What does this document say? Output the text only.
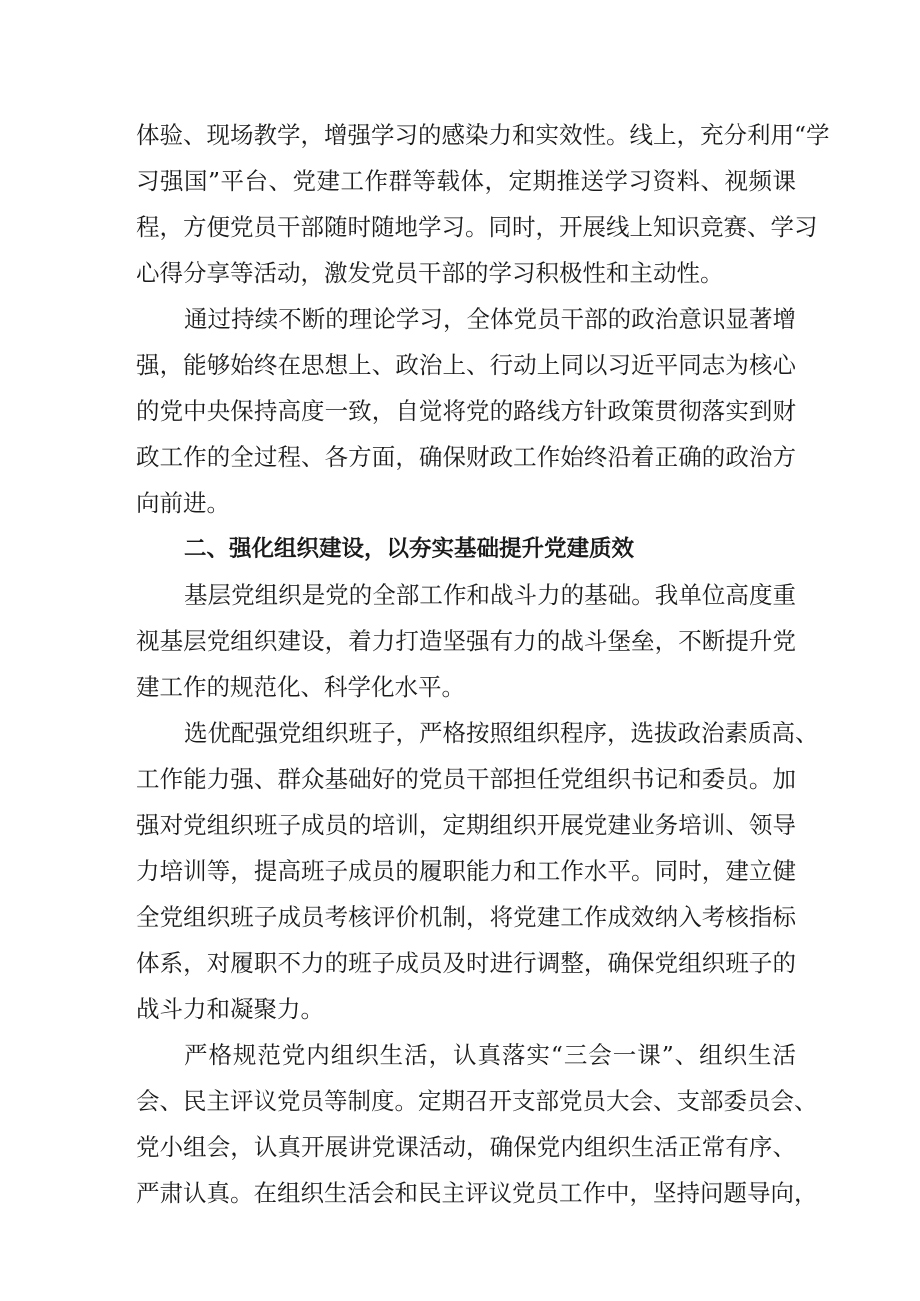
体验、现场教学，增强学习的感染力和实效性。线上，充分利用“学

习强国”平台、党建工作群等载体，定期推送学习资料、视频课

程，方便党员干部随时随地学习。同时，开展线上知识竞赛、学习

心得分享等活动，激发党员干部的学习积极性和主动性。

通过持续不断的理论学习，全体党员干部的政治意识显著增

强，能够始终在思想上、政治上、行动上同以习近平同志为核心

的党中央保持高度一致，自觉将党的路线方针政策贯彻落实到财

政工作的全过程、各方面，确保财政工作始终沿着正确的政治方

向前进。

二、强化组织建设，以夯实基础提升党建质效

基层党组织是党的全部工作和战斗力的基础。我单位高度重

视基层党组织建设，着力打造坚强有力的战斗堡垒，不断提升党

建工作的规范化、科学化水平。

选优配强党组织班子，严格按照组织程序，选拔政治素质高、

工作能力强、群众基础好的党员干部担任党组织书记和委员。加

强对党组织班子成员的培训，定期组织开展党建业务培训、领导

力培训等，提高班子成员的履职能力和工作水平。同时，建立健

全党组织班子成员考核评价机制，将党建工作成效纳入考核指标

体系，对履职不力的班子成员及时进行调整，确保党组织班子的

战斗力和凝聚力。

严格规范党内组织生活，认真落实“三会一课”、组织生活

会、民主评议党员等制度。定期召开支部党员大会、支部委员会、

党小组会，认真开展讲党课活动，确保党内组织生活正常有序、

严肃认真。在组织生活会和民主评议党员工作中，坚持问题导向，
